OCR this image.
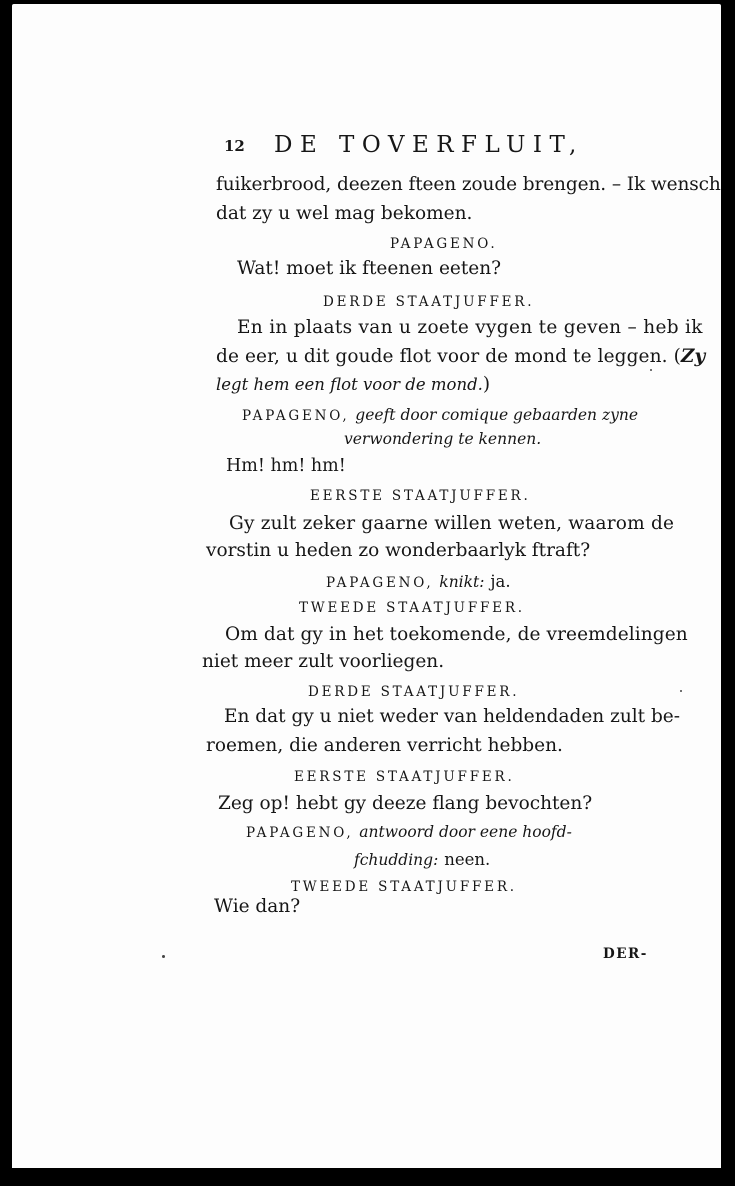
12 DE TOVERFLUIT,
fuikerbrood, deezen fteen zoude brengen. – Ik wensch
dat zy u wel mag bekomen.
PAPAGENO.
Wat! moet ik fteenen eeten?
DERDE STAATJUFFER.
En in plaats van u zoete vygen te geven – heb ik
de eer, u dit goude flot voor de mond te leggen. (Zy
legt hem een flot voor de mond.)
PAPAGENO, geeft door comique gebaarden zyne
verwondering te kennen.
Hm! hm! hm!
EERSTE STAATJUFFER.
Gy zult zeker gaarne willen weten, waarom de
vorstin u heden zo wonderbaarlyk ftraft?
PAPAGENO, knikt: ja.
TWEEDE STAATJUFFER.
Om dat gy in het toekomende, de vreemdelingen
niet meer zult voorliegen.
DERDE STAATJUFFER.
En dat gy u niet weder van heldendaden zult be-
roemen, die anderen verricht hebben.
EERSTE STAATJUFFER.
Zeg op! hebt gy deeze flang bevochten?
PAPAGENO, antwoord door eene hoofd-
fchudding: neen.
TWEEDE STAATJUFFER.
Wie dan?
DER-
